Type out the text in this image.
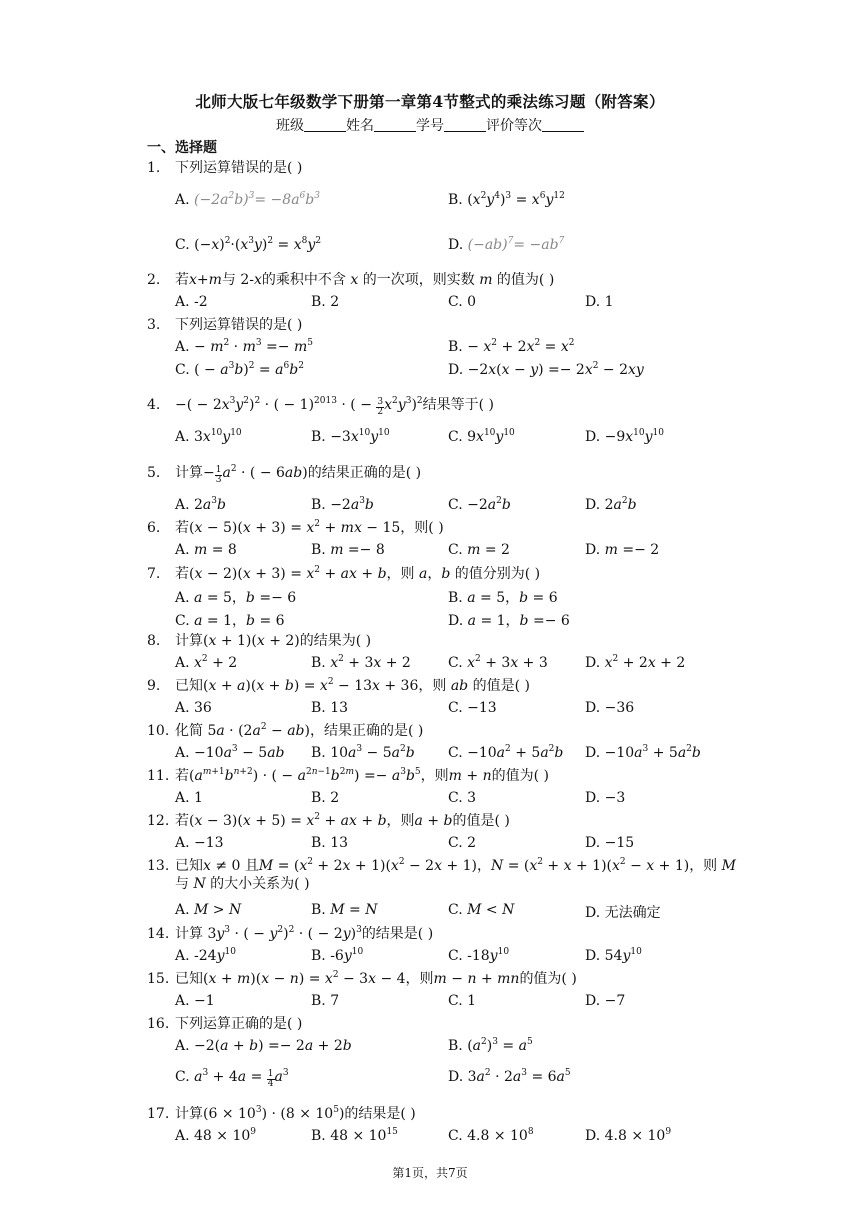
北师大版七年级数学下册第一章第4节整式的乘法练习题（附答案）
班级	姓名	学号	评价等次
一、选择题
1. 下列运算错误的是( )
A. $(-2a^2b)^3= -8a^6b^3$	B. $(x^2y^4)^3 = x^6y^{12}$
C. $(-x)^2\cdot(x^3y)^2 = x^8y^2$	D. $(-ab)^7= -ab^7$
2. 若x+m与 2-x的乘积中不含 x 的一次项，则实数 m 的值为( )
A. -2	B. 2	C. 0	D. 1
3. 下列运算错误的是( )
A. − $m^2 \cdot m^3 =- m^5$	B. − $x^2 + 2x^2 = x^2$
C. ( − $a^3b)^2 = a^6b^2$	D. $-2x(x - y) =- 2x^2 - 2xy$
4. −( − $2x^3y^2)^2$ · ( − 1)$^{2013}$ · ( − $\frac{3}{2} x^2y^3)^2$结果等于( )
A. $3x^{10}y^{10}$	B. $-3x^{10}y^{10}$	C. $9x^{10}y^{10}$	D. $-9x^{10}y^{10}$
5. 计算− $\frac{1}{3} a^2$ · ( − 6ab)的结果正确的是( )
A. $2a^3b$	B. $-2a^3b$	C. $-2a^2b$	D. $2a^2b$
6. 若$(x - 5)(x + 3) = x^2$ + mx − 15，则( )
A. m = 8	B. m =− 8	C. m = 2	D. m =− 2
7. 若$(x - 2)(x + 3) = x^2$ + ax + b，则 a，b 的值分别为( )
A. a = 5，b =− 6	B. a = 5，b = 6
C. a = 1，b = 6	D. a = 1，b =− 6
8. 计算(x + 1)(x + 2)的结果为( )
A. $x^2 + 2$	B. $x^2 + 3x + 2$	C. $x^2 + 3x + 3$	D. $x^2 + 2x + 2$
9. 已知$(x + a)(x + b) = x^2 - 13x + 36$，则 ab 的值是( )
A. 36	B. 13	C. −13	D. −36
10. 化简 $5a \cdot (2a^2 - ab)$，结果正确的是( )
A. $-10a^3 - 5ab$ B. $10a^3 - 5a^2b$ C. $-10a^2 + 5a^2b$ D. $-10a^3 + 5a^2b$
11. 若$(a^{m+1}b^{n+2})$ · ( − $a^{2n-1}b^{2m}) =- a^3b^5$，则m + n的值为( )
A. 1	B. 2	C. 3	D. −3
12. 若$(x - 3)(x + 5) = x^2$ + ax + b，则a + b的值是( )
A. −13	B. 13	C. 2	D. −15
13. 已知x ≠ 0 且$M = (x^2 + 2x + 1)(x^2 - 2x + 1)$，$N = (x^2 + x + 1)(x^2 - x + 1)$，则 M
与 N 的大小关系为( )
A. M > N	B. M = N	C. M < N	D. 无法确定
14. 计算 $3y^3$ · ( − $y^2)^2$ · ( − 2y)$^3$的结果是( )
A. $-24y^{10}$	B. $-6y^{10}$	C. $-18y^{10}$	D. $54y^{10}$
15. 已知$(x + m)(x - n) = x^2 - 3x - 4$，则m − n + mn的值为( )
A. −1	B. 7	C. 1	D. −7
16. 下列运算正确的是( )
A. −2(a + b) =− 2a + 2b	B. $(a^2)^3 = a^5$
C. $a^3 + 4a = \frac{1}{4} a^3$	D. $3a^2 \cdot 2a^3 = 6a^5$
17. 计算$(6 \times 10^3) \cdot (8 \times 10^5)$的结果是( )
A. $48 \times 10^9$	B. $48 \times 10^{15}$	C. $4.8 \times 10^8$	D. $4.8 \times 10^9$
第1页，共7页
